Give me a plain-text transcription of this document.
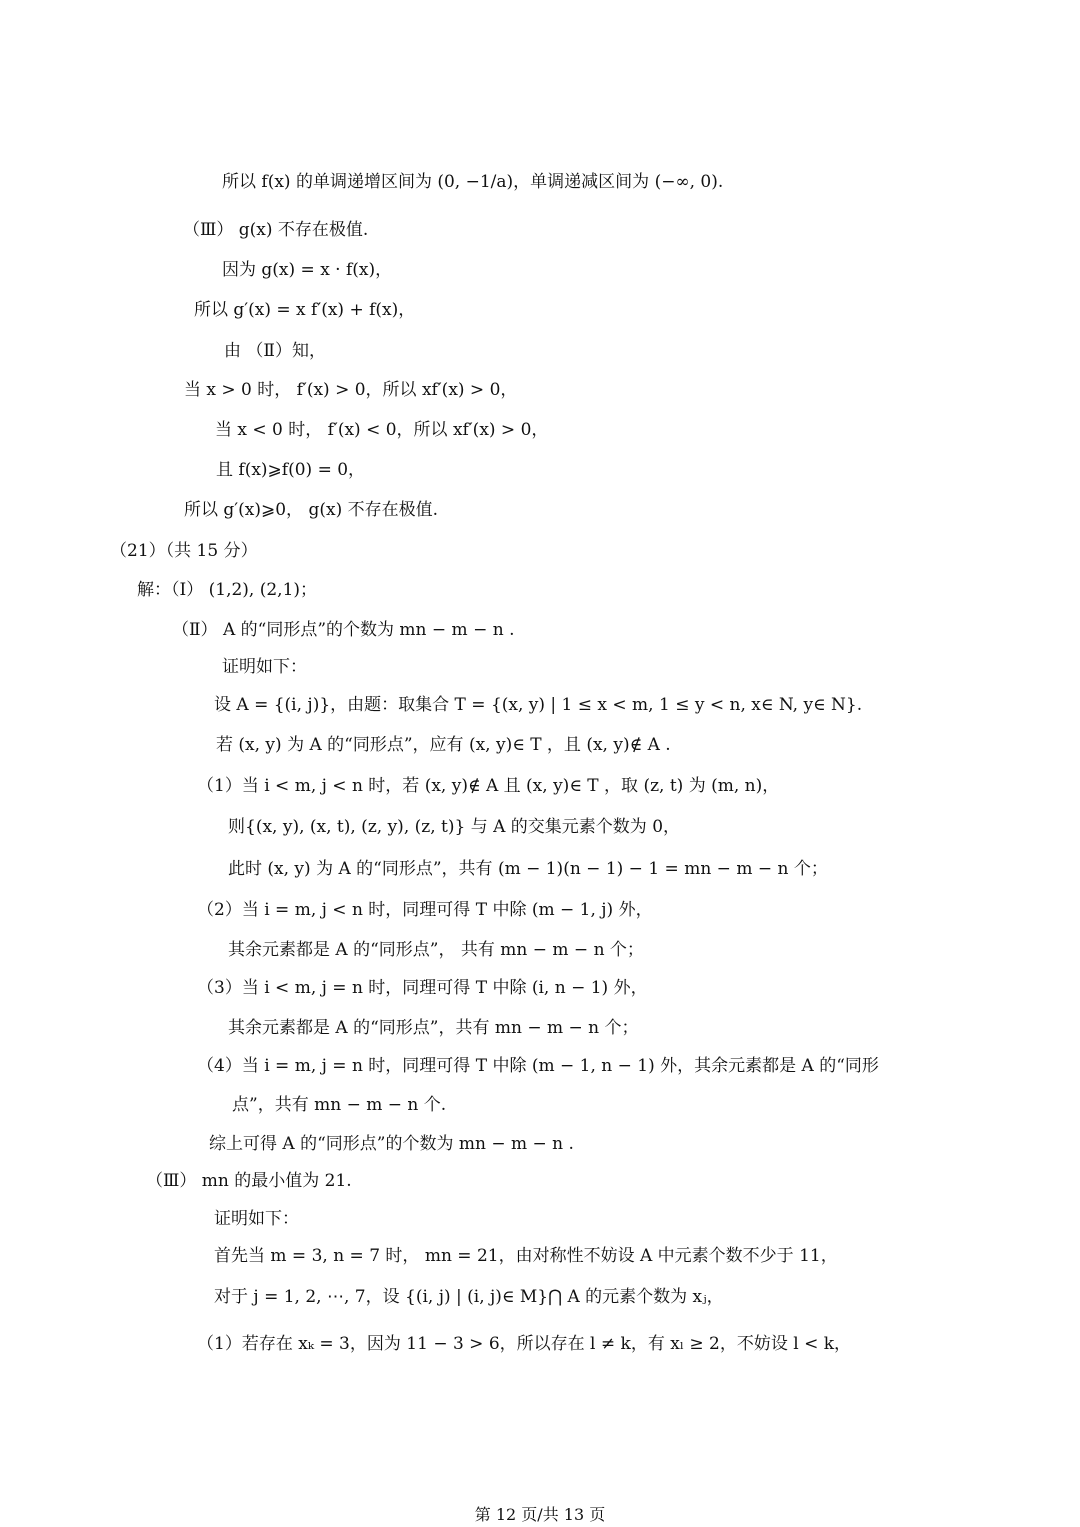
所以 f(x) 的单调递增区间为 (0, −1/a)，单调递减区间为 (−∞, 0).
（Ⅲ） g(x) 不存在极值.
因为 g(x) = x · f(x)，
所以 g′(x) = x f′(x) + f(x)，
由 （Ⅱ）知，
当 x > 0 时， f′(x) > 0，所以 xf′(x) > 0，
当 x < 0 时， f′(x) < 0，所以 xf′(x) > 0，
且 f(x)⩾f(0) = 0，
所以 g′(x)⩾0， g(x) 不存在极值.
（21）（共 15 分）
解：（Ⅰ） (1,2), (2,1)；
（Ⅱ） A 的“同形点”的个数为 mn − m − n .
证明如下：
设 A = {(i, j)}，由题：取集合 T = {(x, y) | 1 ≤ x < m, 1 ≤ y < n, x∈ N, y∈ N}.
若 (x, y) 为 A 的“同形点”，应有 (x, y)∈ T ，且 (x, y)∉ A .
（1）当 i < m, j < n 时，若 (x, y)∉ A 且 (x, y)∈ T ，取 (z, t) 为 (m, n)，
则{(x, y), (x, t), (z, y), (z, t)} 与 A 的交集元素个数为 0，
此时 (x, y) 为 A 的“同形点”，共有 (m − 1)(n − 1) − 1 = mn − m − n 个；
（2）当 i = m, j < n 时，同理可得 T 中除 (m − 1, j) 外，
其余元素都是 A 的“同形点”， 共有 mn − m − n 个；
（3）当 i < m, j = n 时，同理可得 T 中除 (i, n − 1) 外，
其余元素都是 A 的“同形点”，共有 mn − m − n 个；
（4）当 i = m, j = n 时，同理可得 T 中除 (m − 1, n − 1) 外，其余元素都是 A 的“同形
点”，共有 mn − m − n 个.
综上可得 A 的“同形点”的个数为 mn − m − n .
（Ⅲ） mn 的最小值为 21.
证明如下：
首先当 m = 3, n = 7 时， mn = 21，由对称性不妨设 A 中元素个数不少于 11，
对于 j = 1, 2, ⋯, 7，设 {(i, j) | (i, j)∈ M}⋂ A 的元素个数为 xⱼ，
（1）若存在 xₖ = 3，因为 11 − 3 > 6，所以存在 l ≠ k，有 xₗ ≥ 2，不妨设 l < k，
第 12 页/共 13 页
